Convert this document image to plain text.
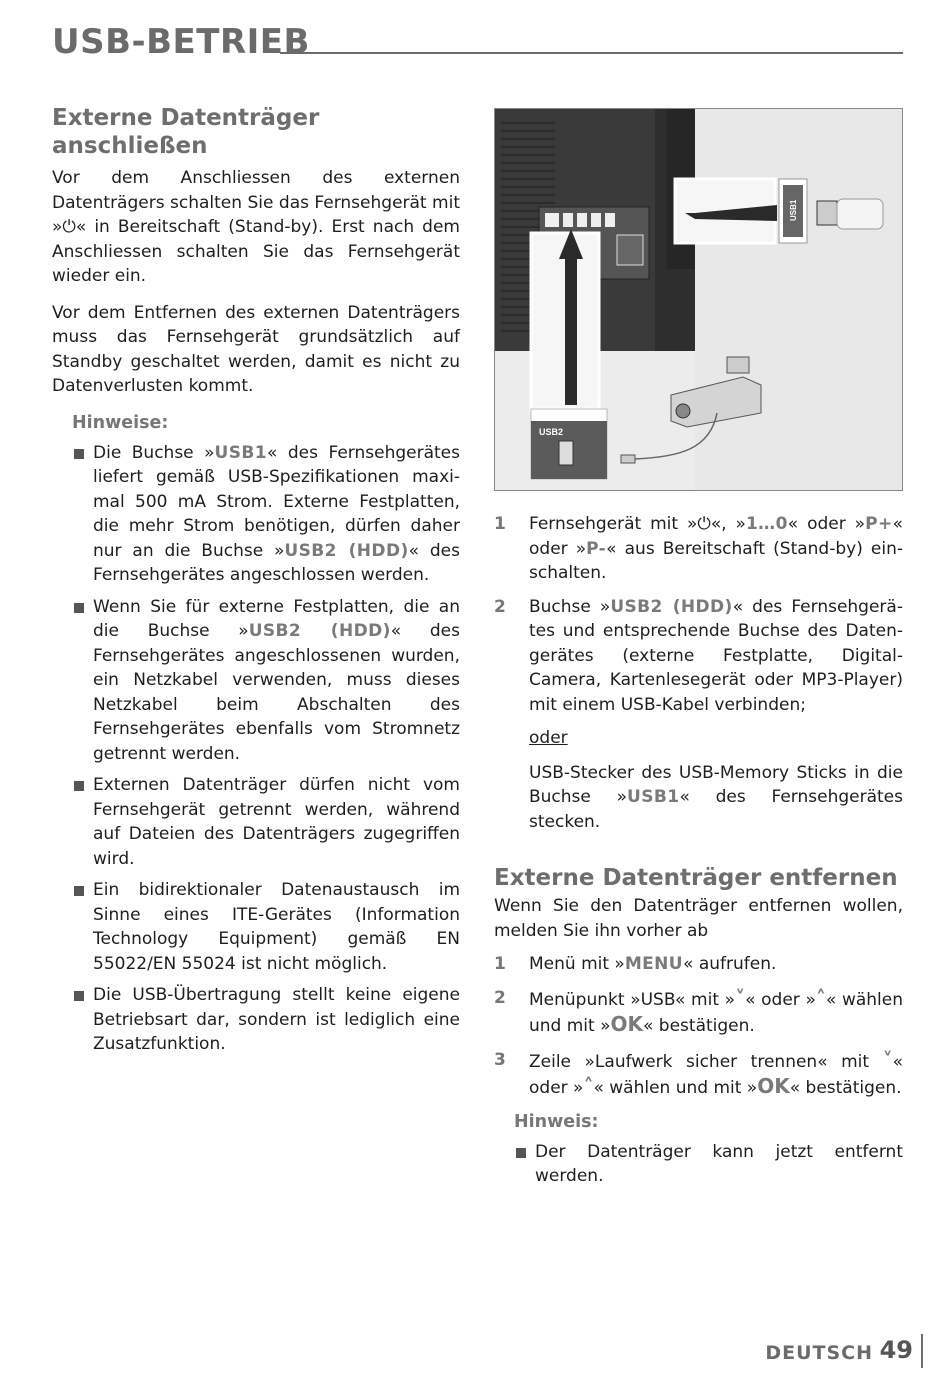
USB-BETRIEB
Externe Datenträger
anschließen

Vor dem Anschliessen des externen Datenträgers schalten Sie das Fernsehgerät mit »⏻« in Bereitschaft (Stand-by). Erst nach dem Anschliessen schalten Sie das Fernsehgerät wieder ein.

Vor dem Entfernen des externen Datenträgers muss das Fernsehgerät grundsätzlich auf Standby geschaltet werden, damit es nicht zu Datenverlusten kommt.

Hinweise:
Die Buchse »USB1« des Fernsehgerätes liefert gemäß USB-Spezifikationen maximal 500 mA Strom. Externe Festplatten, die mehr Strom benötigen, dürfen daher nur an die Buchse »USB2 (HDD)« des Fernsehgerätes angeschlossen werden.
Wenn Sie für externe Festplatten, die an die Buchse »USB2 (HDD)« des Fernsehgerätes angeschlossenen wurden, ein Netzkabel verwenden, muss dieses Netzkabel beim Abschalten des Fernsehgerätes ebenfalls vom Stromnetz getrennt werden.
Externen Datenträger dürfen nicht vom Fernsehgerät getrennt werden, während auf Dateien des Datenträgers zugegriffen wird.
Ein bidirektionaler Datenaustausch im Sinne eines ITE-Gerätes (Information Technology Equipment) gemäß EN 55022/EN 55024 ist nicht möglich.
Die USB-Übertragung stellt keine eigene Betriebsart dar, sondern ist lediglich eine Zusatzfunktion.
USB2
USB1
1 Fernsehgerät mit »⏻«, »1…0« oder »P+« oder »P-« aus Bereitschaft (Stand-by) einschalten.
2 Buchse »USB2 (HDD)« des Fernsehgerätes und entsprechende Buchse des Datengerätes (externe Festplatte, Digital-Camera, Kartenlesegerät oder MP3-Player) mit einem USB-Kabel verbinden;

oder

USB-Stecker des USB-Memory Sticks in die Buchse »USB1« des Fernsehgerätes stecken.

Externe Datenträger entfernen

Wenn Sie den Datenträger entfernen wollen, melden Sie ihn vorher ab

1 Menü mit »MENU« aufrufen.
2 Menüpunkt »USB« mit »˅« oder »˄« wählen und mit »OK« bestätigen.
3 Zeile »Laufwerk sicher trennen« mit ˅« oder »˄« wählen und mit »OK« bestätigen.
Hinweis:
Der Datenträger kann jetzt entfernt werden.
DEUTSCH 49
